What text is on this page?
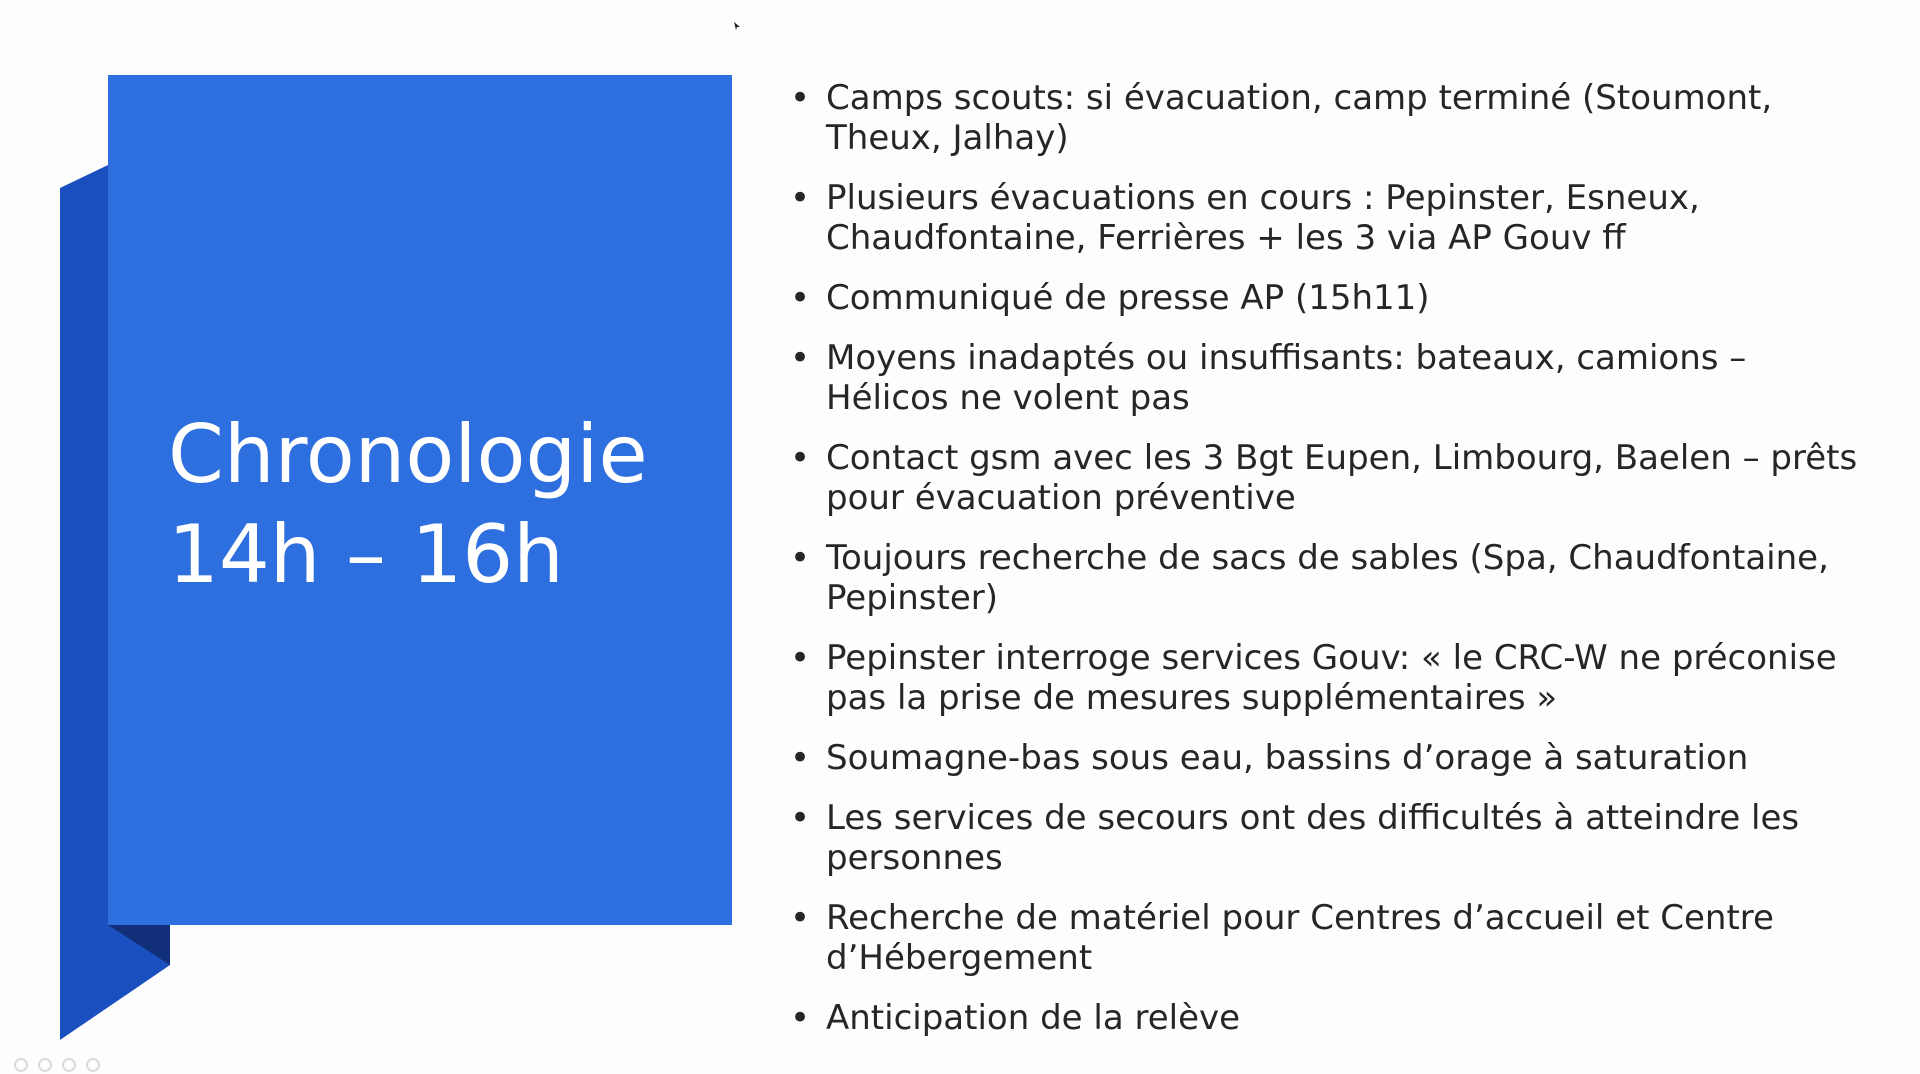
Chronologie
14h – 16h
• Camps scouts: si évacuation, camp terminé (Stoumont, Theux, Jalhay)
• Plusieurs évacuations en cours : Pepinster, Esneux, Chaudfontaine, Ferrières + les 3 via AP Gouv ff
• Communiqué de presse AP (15h11)
• Moyens inadaptés ou insuffisants: bateaux, camions – Hélicos ne volent pas
• Contact gsm avec les 3 Bgt Eupen, Limbourg, Baelen – prêts pour évacuation préventive
• Toujours recherche de sacs de sables (Spa, Chaudfontaine, Pepinster)
• Pepinster interroge services Gouv: « le CRC-W ne préconise pas la prise de mesures supplémentaires »
• Soumagne-bas sous eau, bassins d’orage à saturation
• Les services de secours ont des difficultés à atteindre les personnes
• Recherche de matériel pour Centres d’accueil et Centre d’Hébergement
• Anticipation de la relève
